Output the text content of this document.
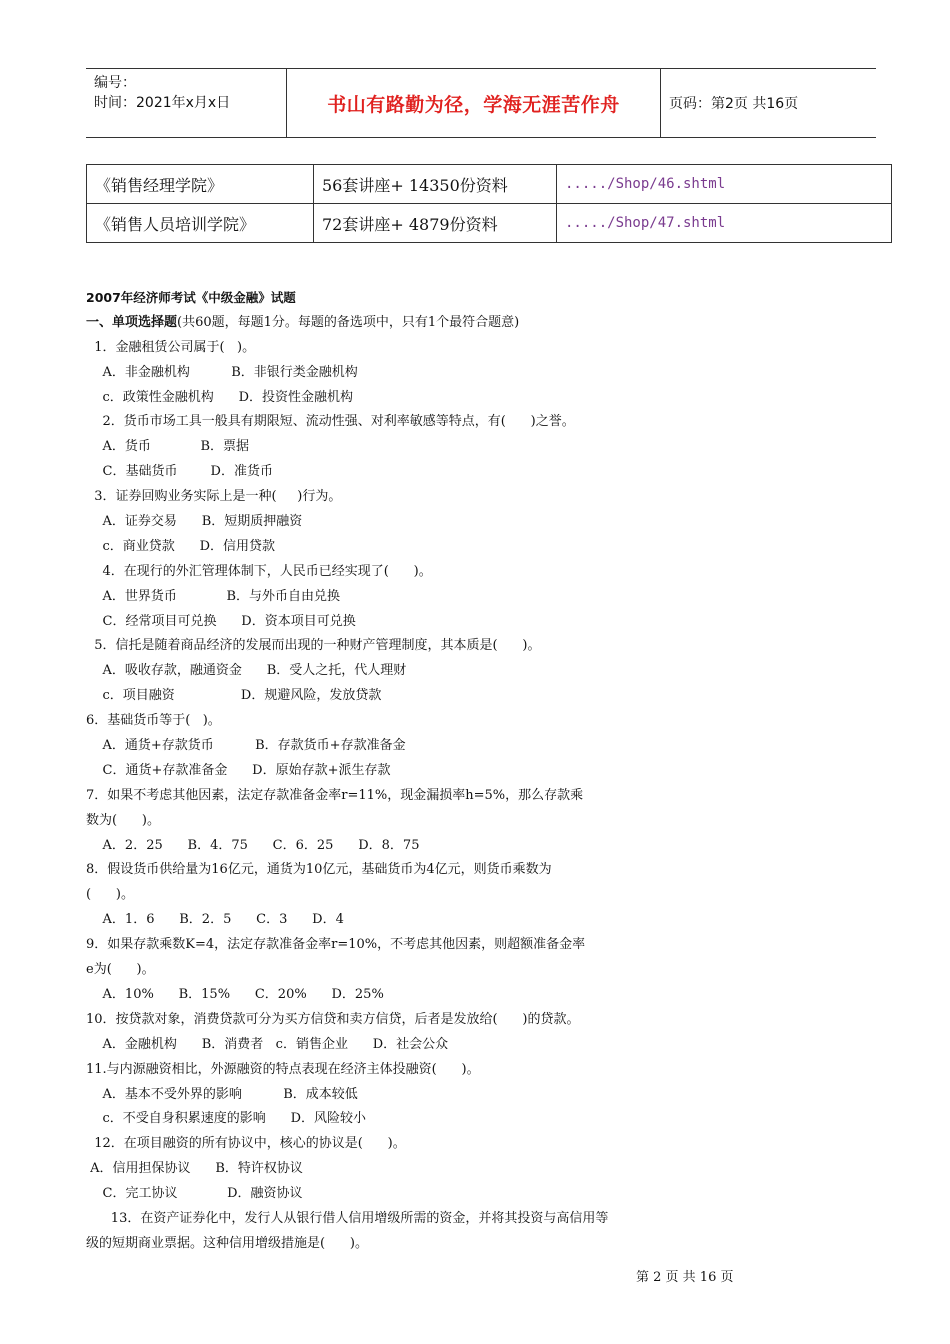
编号：
时间：2021年x月x日	书山有路勤为径，学海无涯苦作舟	页码：第2页 共16页
《销售经理学院》	56套讲座+ 14350份资料	...../Shop/46.shtml
《销售人员培训学院》	72套讲座+ 4879份资料	...../Shop/47.shtml
2007年经济师考试《中级金融》试题
一、单项选择题(共60题，每题1分。每题的备选项中，只有1个最符合题意)
1．金融租赁公司属于(   )。
A．非金融机构          B．非银行类金融机构
c．政策性金融机构      D．投资性金融机构
2．货币市场工具一般具有期限短、流动性强、对利率敏感等特点，有(      )之誉。
A．货币            B．票据
C．基础货币        D．准货币
3．证券回购业务实际上是一种(     )行为。
A．证券交易      B．短期质押融资
c．商业贷款      D．信用贷款
4．在现行的外汇管理体制下，人民币已经实现了(      )。
A．世界货币            B．与外币自由兑换
C．经常项目可兑换      D．资本项目可兑换
5．信托是随着商品经济的发展而出现的一种财产管理制度，其本质是(      )。
A．吸收存款，融通资金      B．受人之托，代人理财
c．项目融资                D．规避风险，发放贷款
6．基础货币等于(   )。
A．通货+存款货币          B．存款货币+存款准备金
C．通货+存款准备金      D．原始存款+派生存款
7．如果不考虑其他因素，法定存款准备金率r=11%，现金漏损率h=5%，那么存款乘
数为(      )。
A．2．25      B．4．75      C．6．25      D．8．75
8．假设货币供给量为16亿元，通货为10亿元，基础货币为4亿元，则货币乘数为
(      )。
A．1．6      B．2．5      C．3      D．4
9．如果存款乘数K=4，法定存款准备金率r=10%，不考虑其他因素，则超额准备金率
e为(      )。
A．10%      B．15%      C．20%      D．25%
10．按贷款对象，消费贷款可分为买方信贷和卖方信贷，后者是发放给(      )的贷款。
A．金融机构      B．消费者   c．销售企业      D．社会公众
11.与内源融资相比，外源融资的特点表现在经济主体投融资(      )。
A．基本不受外界的影响          B．成本较低
c．不受自身积累速度的影响      D．风险较小
12．在项目融资的所有协议中，核心的协议是(      )。
A．信用担保协议      B．特许权协议
C．完工协议            D．融资协议
13．在资产证券化中，发行人从银行借人信用增级所需的资金，并将其投资与高信用等
级的短期商业票据。这种信用增级措施是(      )。
第 2 页 共 16 页
